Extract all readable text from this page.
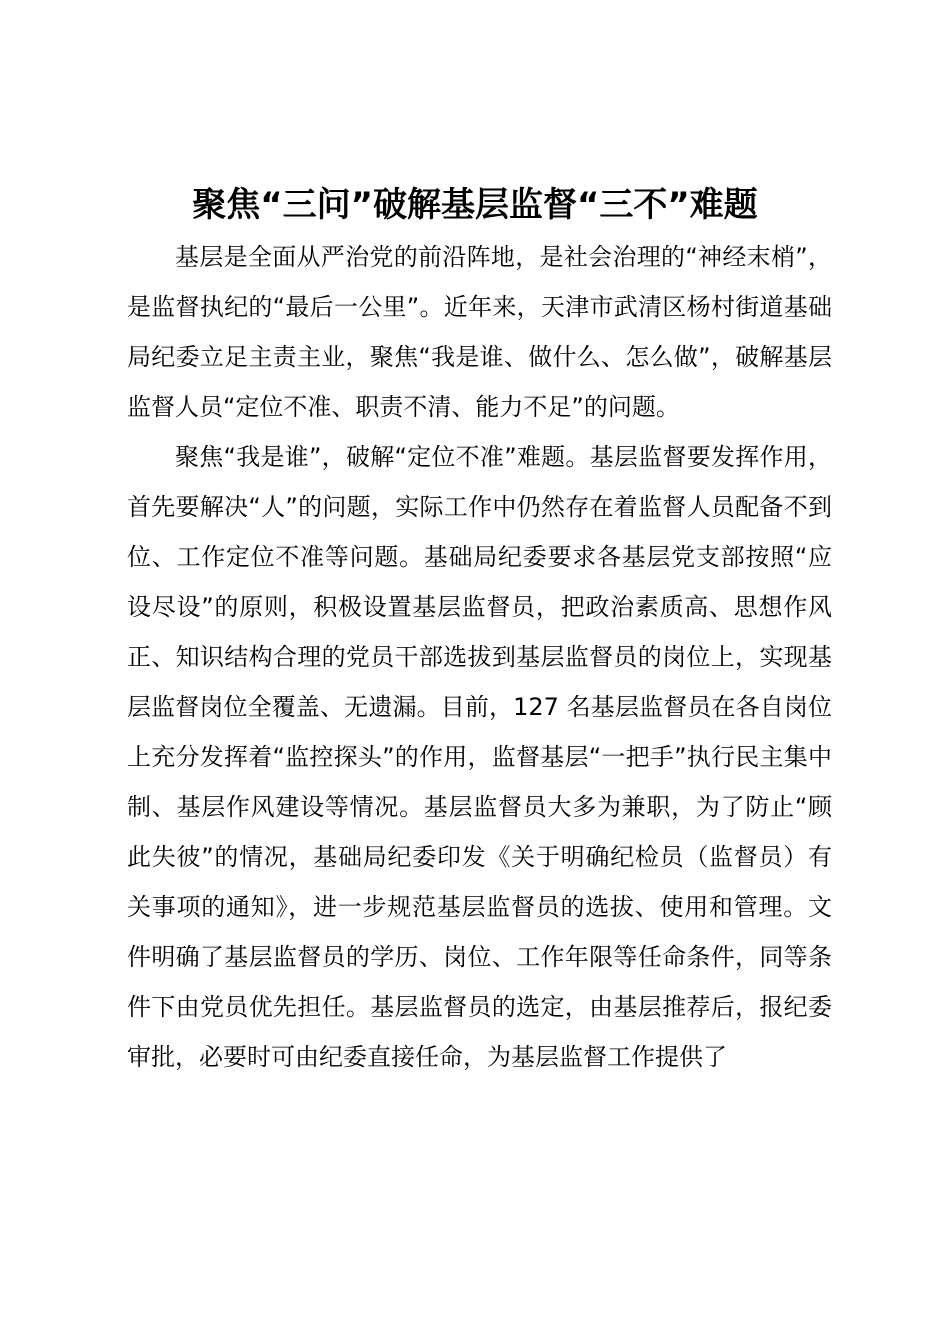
聚焦“三问”破解基层监督“三不”难题

基层是全面从严治党的前沿阵地，是社会治理的“神经末梢”，是监督执纪的“最后一公里”。近年来，天津市武清区杨村街道基础局纪委立足主责主业，聚焦“我是谁、做什么、怎么做”，破解基层监督人员“定位不准、职责不清、能力不足”的问题。

聚焦“我是谁”，破解“定位不准”难题。基层监督要发挥作用，首先要解决“人”的问题，实际工作中仍然存在着监督人员配备不到位、工作定位不准等问题。基础局纪委要求各基层党支部按照“应设尽设”的原则，积极设置基层监督员，把政治素质高、思想作风正、知识结构合理的党员干部选拔到基层监督员的岗位上，实现基层监督岗位全覆盖、无遗漏。目前，127 名基层监督员在各自岗位上充分发挥着“监控探头”的作用，监督基层“一把手”执行民主集中制、基层作风建设等情况。基层监督员大多为兼职，为了防止“顾此失彼”的情况，基础局纪委印发《关于明确纪检员（监督员）有关事项的通知》，进一步规范基层监督员的选拔、使用和管理。文件明确了基层监督员的学历、岗位、工作年限等任命条件，同等条件下由党员优先担任。基层监督员的选定，由基层推荐后，报纪委审批，必要时可由纪委直接任命，为基层监督工作提供了
